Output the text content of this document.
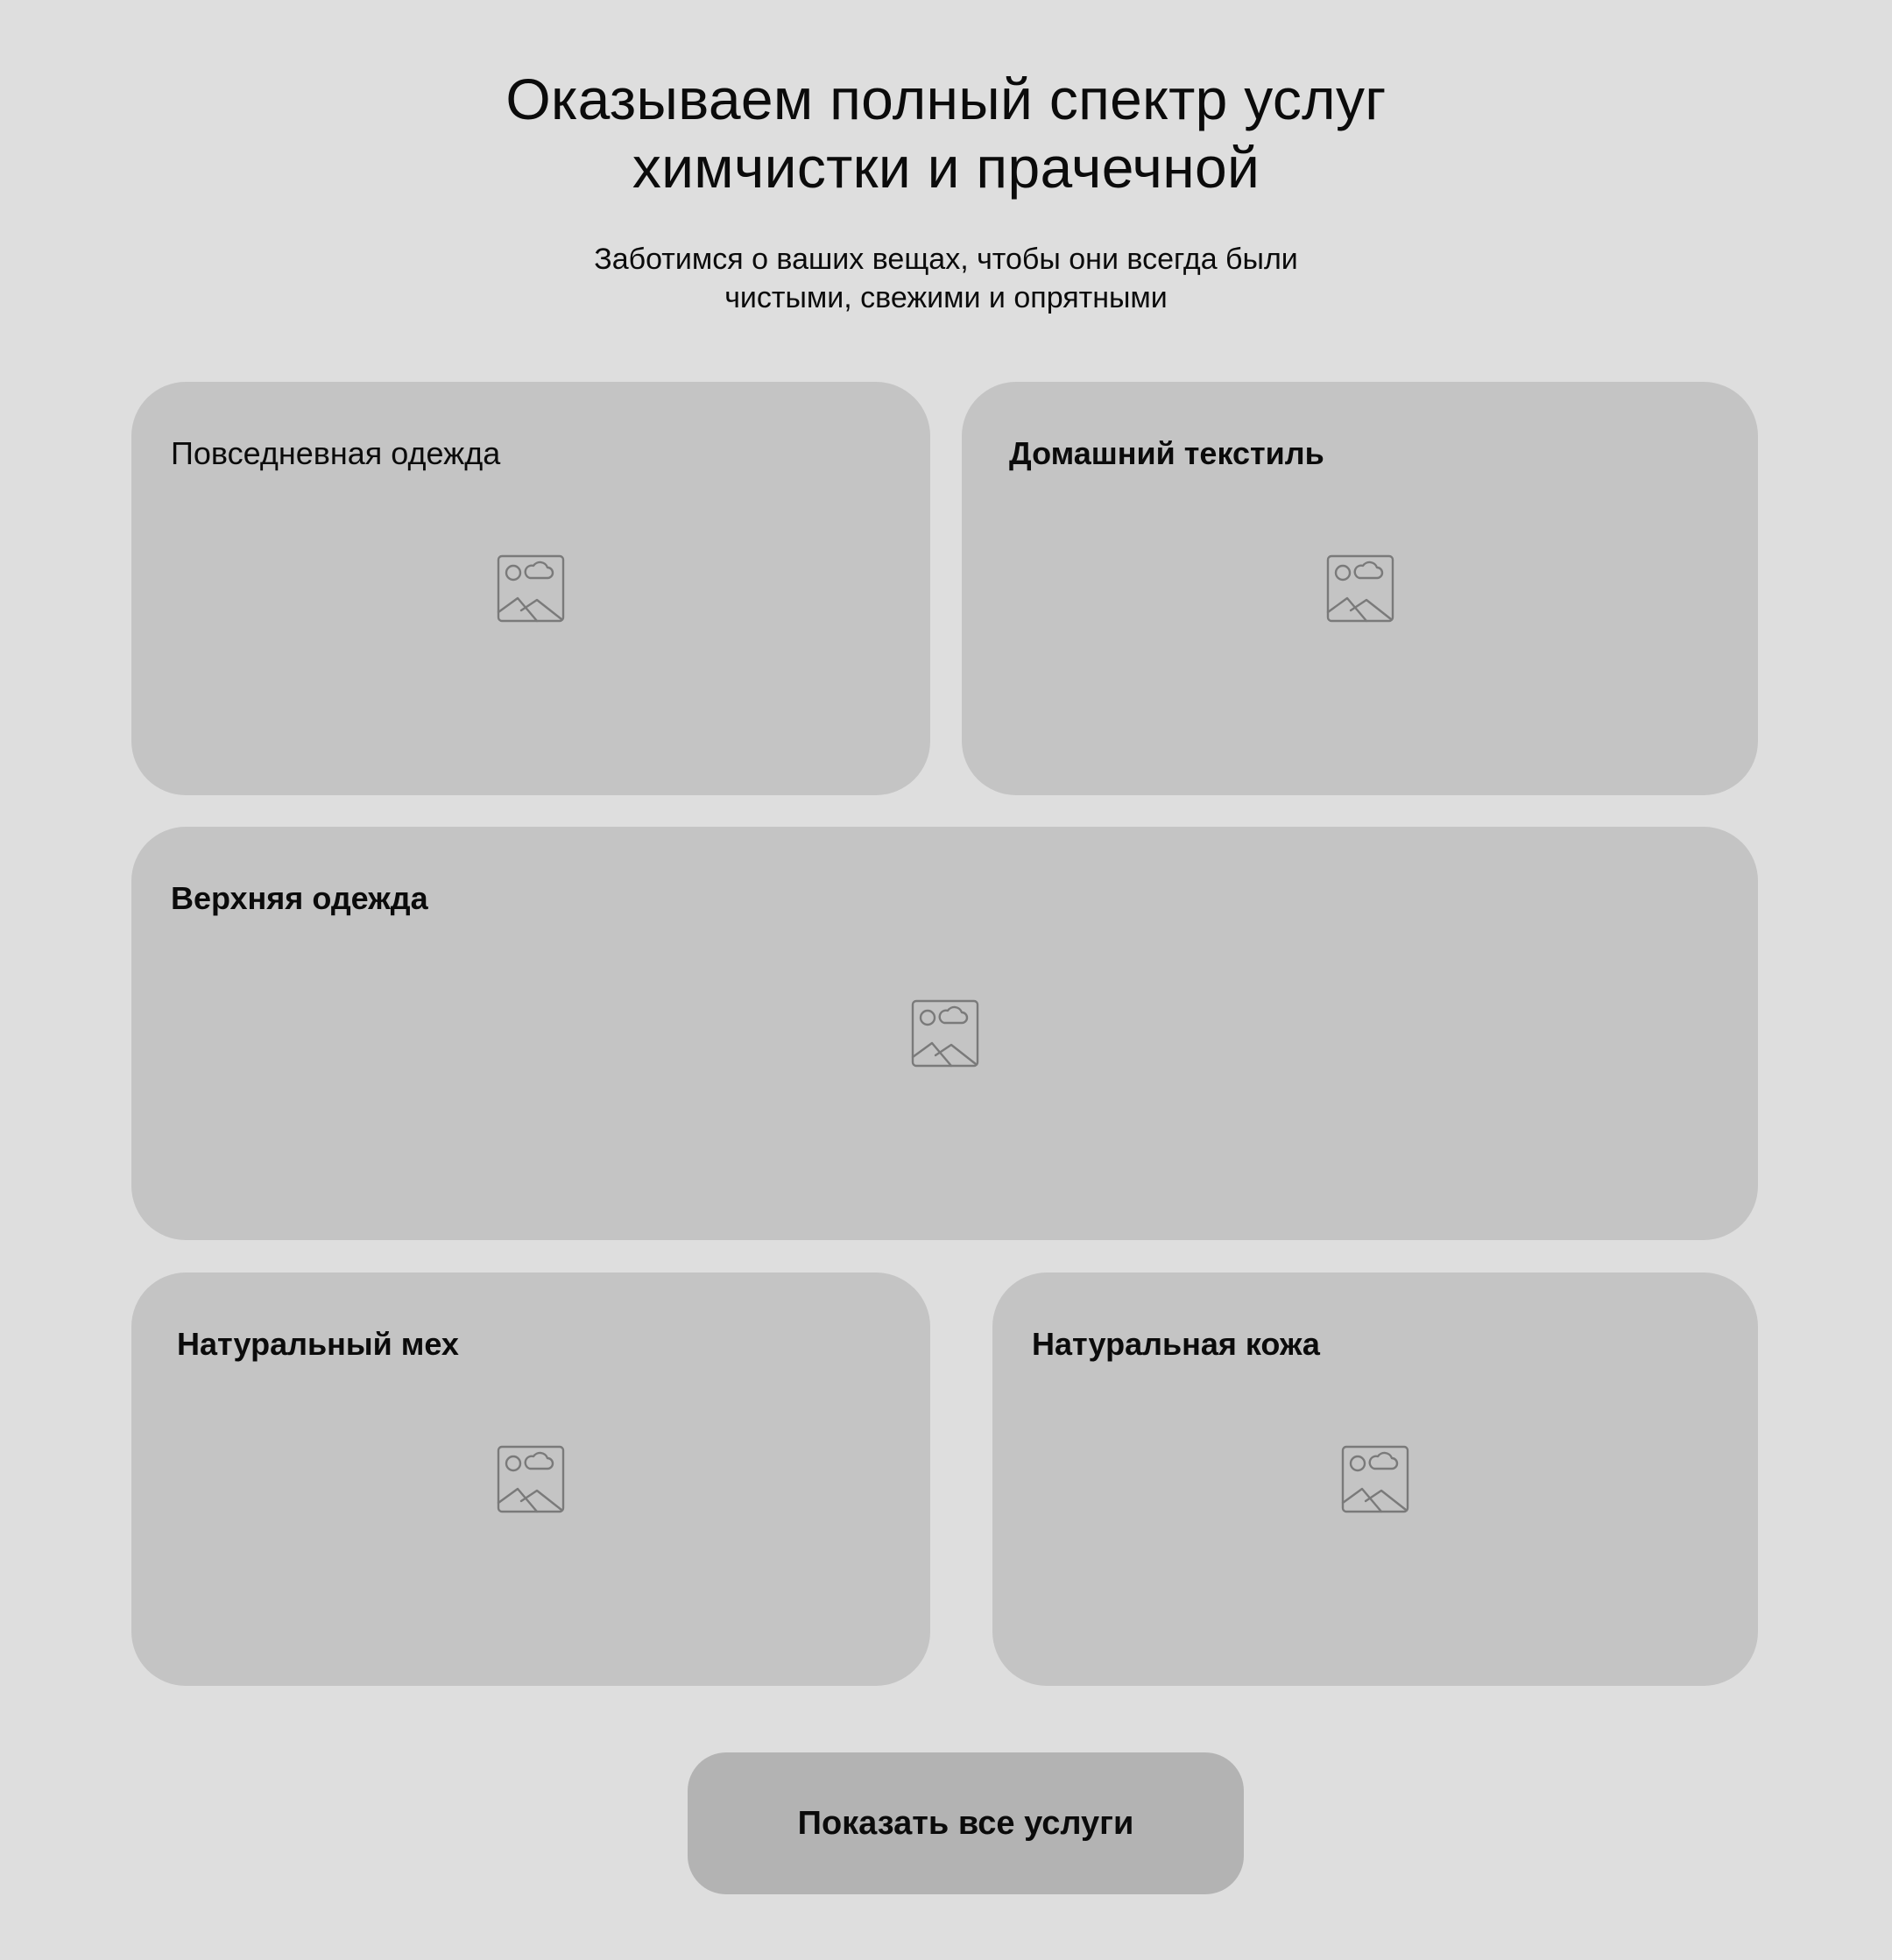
Оказываем полный спектр услуг
химчистки и прачечной

Заботимся о ваших вещах, чтобы они всегда были
чистыми, свежими и опрятными

Повседневная одежда	Домашний текстиль
Верхняя одежда
Натуральный мех	Натуральная кожа
Показать все услуги
